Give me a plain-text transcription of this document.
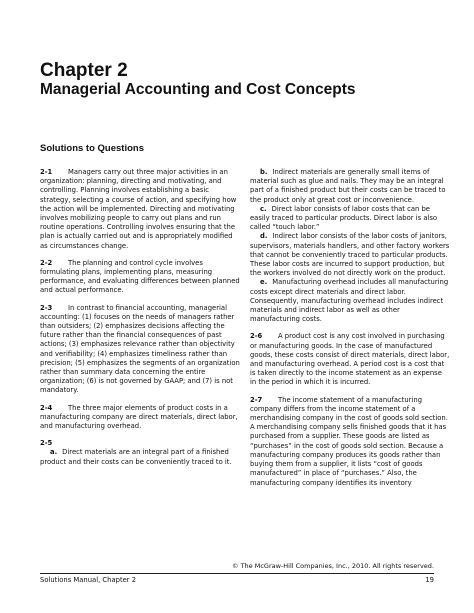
Chapter 2
Managerial Accounting and Cost Concepts
Solutions to Questions

2-1 Managers carry out three major activities in an organization: planning, directing and motivating, and controlling. Planning involves establishing a basic strategy, selecting a course of action, and specifying how the action will be implemented. Directing and motivating involves mobilizing people to carry out plans and run routine operations. Controlling involves ensuring that the plan is actually carried out and is appropriately modified as circumstances change.

2-2 The planning and control cycle involves formulating plans, implementing plans, measuring performance, and evaluating differences between planned and actual performance.

2-3 In contrast to financial accounting, managerial accounting: (1) focuses on the needs of managers rather than outsiders; (2) emphasizes decisions affecting the future rather than the financial consequences of past actions; (3) emphasizes relevance rather than objectivity and verifiability; (4) emphasizes timeliness rather than precision; (5) emphasizes the segments of an organization rather than summary data concerning the entire organization; (6) is not governed by GAAP; and (7) is not mandatory.

2-4 The three major elements of product costs in a manufacturing company are direct materials, direct labor, and manufacturing overhead.

2-5
a. Direct materials are an integral part of a finished product and their costs can be conveniently traced to it.

b. Indirect materials are generally small items of material such as glue and nails. They may be an integral part of a finished product but their costs can be traced to the product only at great cost or inconvenience.

c. Direct labor consists of labor costs that can be easily traced to particular products. Direct labor is also called “touch labor.”

d. Indirect labor consists of the labor costs of janitors, supervisors, materials handlers, and other factory workers that cannot be conveniently traced to particular products. These labor costs are incurred to support production, but the workers involved do not directly work on the product.

e. Manufacturing overhead includes all manufacturing costs except direct materials and direct labor. Consequently, manufacturing overhead includes indirect materials and indirect labor as well as other manufacturing costs.

2-6 A product cost is any cost involved in purchasing or manufacturing goods. In the case of manufactured goods, these costs consist of direct materials, direct labor, and manufacturing overhead. A period cost is a cost that is taken directly to the income statement as an expense in the period in which it is incurred.

2-7 The income statement of a manufacturing company differs from the income statement of a merchandising company in the cost of goods sold section. A merchandising company sells finished goods that it has purchased from a supplier. These goods are listed as “purchases” in the cost of goods sold section. Because a manufacturing company produces its goods rather than buying them from a supplier, it lists “cost of goods manufactured” in place of “purchases.” Also, the manufacturing company identifies its inventory

© The McGraw-Hill Companies, Inc., 2010. All rights reserved.
Solutions Manual, Chapter 2	19
